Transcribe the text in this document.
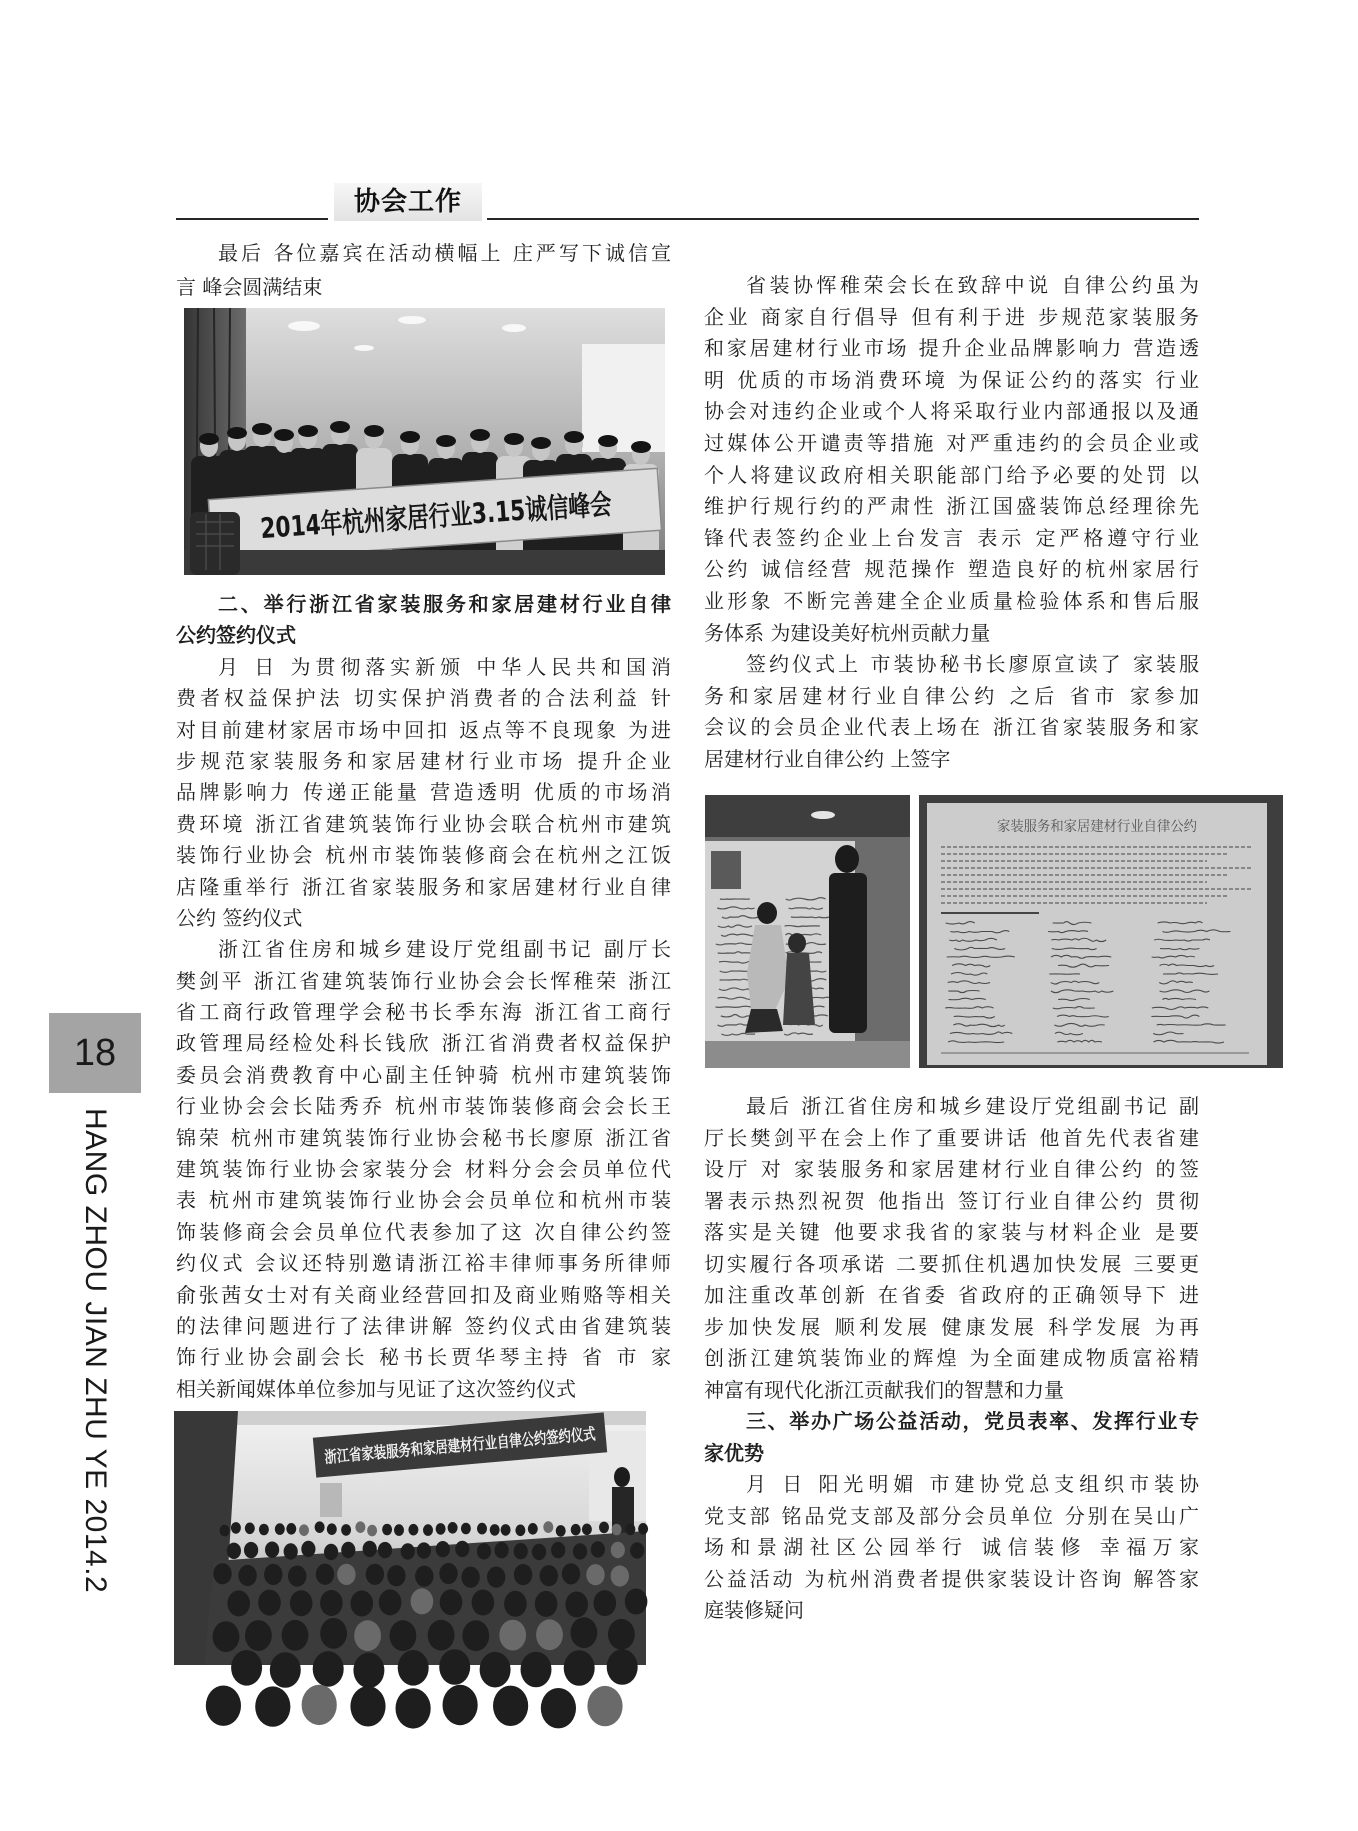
协会工作
最后 各位嘉宾在活动横幅上 庄严写下诚信宣
言 峰会圆满结束
2014年杭州家居行业3.15诚信峰会
二、举行浙江省家装服务和家居建材行业自律
公约签约仪式
月 日 为贯彻落实新颁 中华人民共和国消
费者权益保护法 切实保护消费者的合法利益 针
对目前建材家居市场中回扣 返点等不良现象 为进
步规范家装服务和家居建材行业市场 提升企业
品牌影响力 传递正能量 营造透明 优质的市场消
费环境 浙江省建筑装饰行业协会联合杭州市建筑
装饰行业协会 杭州市装饰装修商会在杭州之江饭
店隆重举行 浙江省家装服务和家居建材行业自律
公约 签约仪式
浙江省住房和城乡建设厅党组副书记 副厅长
樊剑平 浙江省建筑装饰行业协会会长恽稚荣 浙江
省工商行政管理学会秘书长季东海 浙江省工商行
政管理局经检处科长钱欣 浙江省消费者权益保护
委员会消费教育中心副主任钟骑 杭州市建筑装饰
行业协会会长陆秀乔 杭州市装饰装修商会会长王
锦荣 杭州市建筑装饰行业协会秘书长廖原 浙江省
建筑装饰行业协会家装分会 材料分会会员单位代
表 杭州市建筑装饰行业协会会员单位和杭州市装
饰装修商会会员单位代表参加了这 次自律公约签
约仪式 会议还特别邀请浙江裕丰律师事务所律师
俞张茜女士对有关商业经营回扣及商业贿赂等相关
的法律问题进行了法律讲解 签约仪式由省建筑装
饰行业协会副会长 秘书长贾华琴主持 省 市 家
相关新闻媒体单位参加与见证了这次签约仪式
浙江省家装服务和家居建材行业自律公约签约仪式
省装协恽稚荣会长在致辞中说 自律公约虽为
企业 商家自行倡导 但有利于进 步规范家装服务
和家居建材行业市场 提升企业品牌影响力 营造透
明 优质的市场消费环境 为保证公约的落实 行业
协会对违约企业或个人将采取行业内部通报以及通
过媒体公开谴责等措施 对严重违约的会员企业或
个人将建议政府相关职能部门给予必要的处罚 以
维护行规行约的严肃性 浙江国盛装饰总经理徐先
锋代表签约企业上台发言 表示 定严格遵守行业
公约 诚信经营 规范操作 塑造良好的杭州家居行
业形象 不断完善建全企业质量检验体系和售后服
务体系 为建设美好杭州贡献力量
签约仪式上 市装协秘书长廖原宣读了 家装服
务和家居建材行业自律公约 之后 省市 家参加
会议的会员企业代表上场在 浙江省家装服务和家
居建材行业自律公约 上签字
家装服务和家居建材行业自律公约
最后 浙江省住房和城乡建设厅党组副书记 副
厅长樊剑平在会上作了重要讲话 他首先代表省建
设厅 对 家装服务和家居建材行业自律公约 的签
署表示热烈祝贺 他指出 签订行业自律公约 贯彻
落实是关键 他要求我省的家装与材料企业 是要
切实履行各项承诺 二要抓住机遇加快发展 三要更
加注重改革创新 在省委 省政府的正确领导下 进
步加快发展 顺利发展 健康发展 科学发展 为再
创浙江建筑装饰业的辉煌 为全面建成物质富裕精
神富有现代化浙江贡献我们的智慧和力量
三、举办广场公益活动，党员表率、发挥行业专
家优势
月 日 阳光明媚 市建协党总支组织市装协
党支部 铭品党支部及部分会员单位 分别在吴山广
场和景湖社区公园举行 诚信装修 幸福万家
公益活动 为杭州消费者提供家装设计咨询 解答家
庭装修疑问
18
HANG ZHOU JIAN ZHU YE 2014.2
